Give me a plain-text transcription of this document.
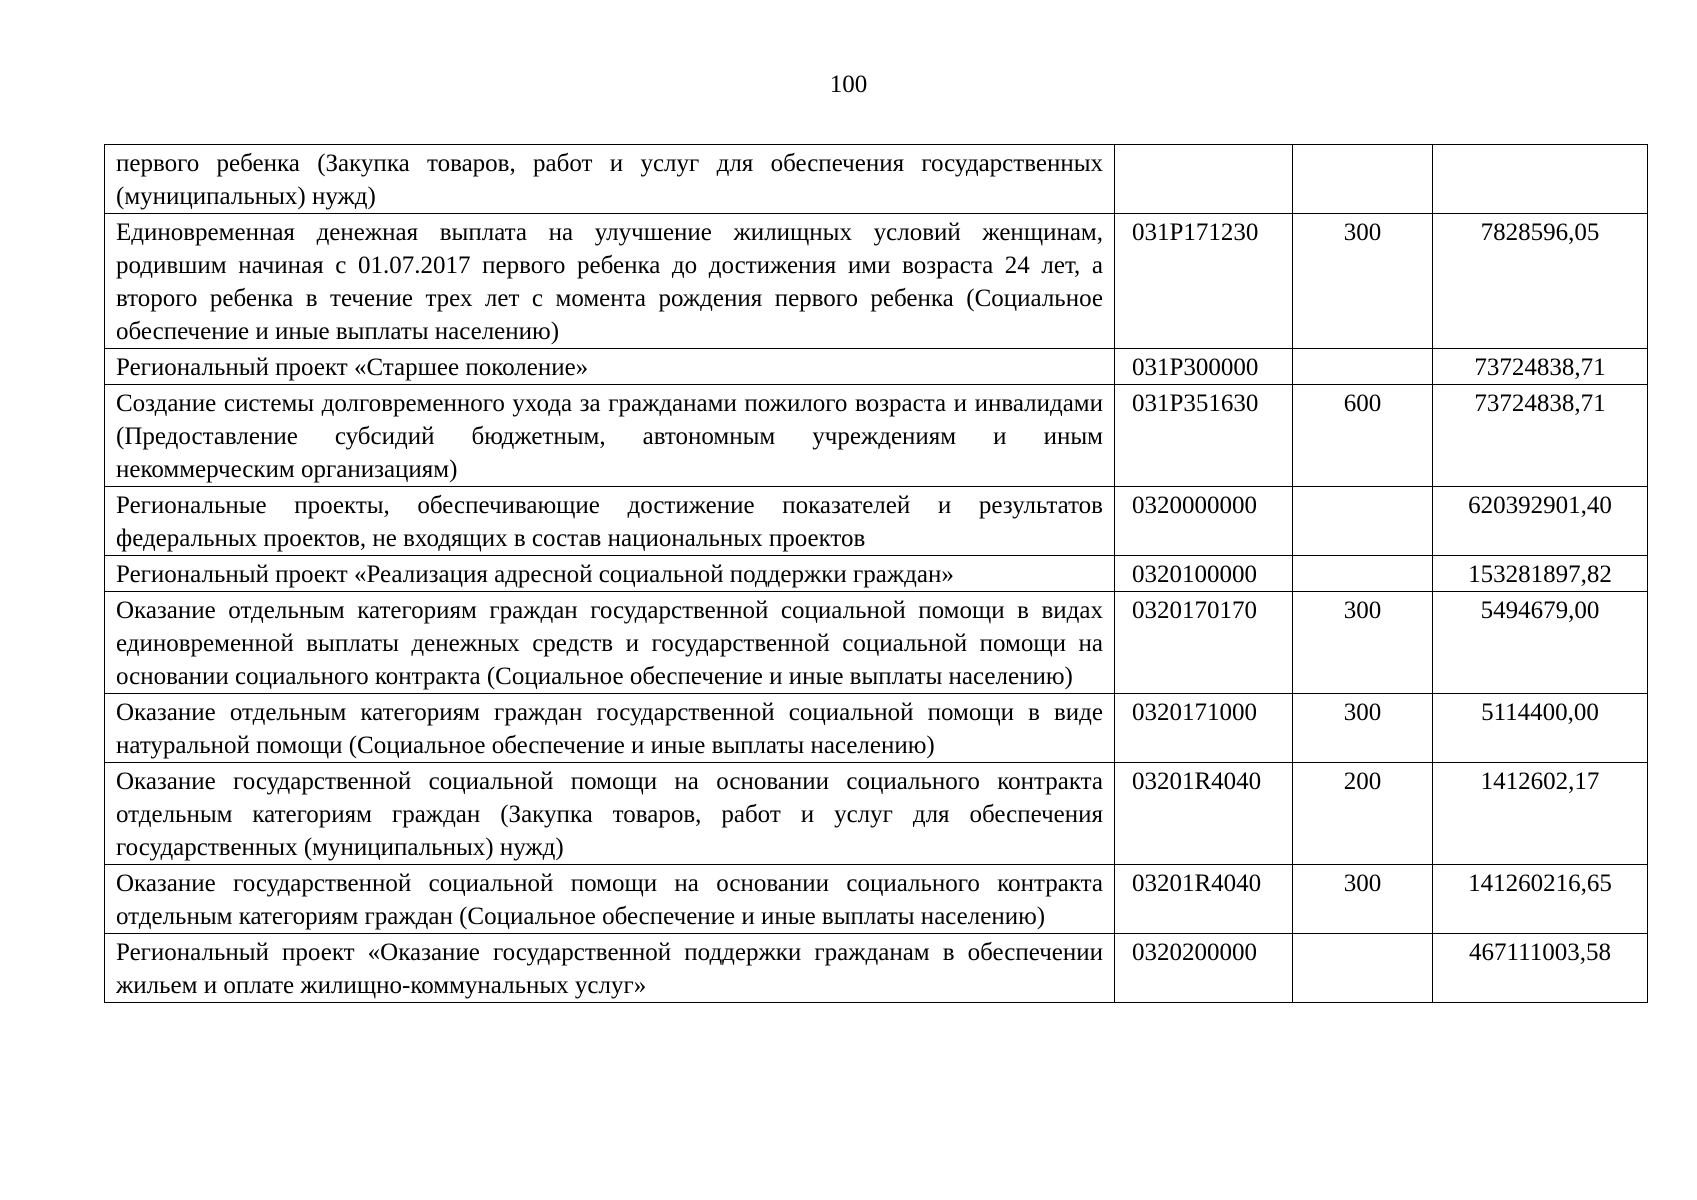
100
первого ребенка (Закупка товаров, работ и услуг для обеспечения государственных (муниципальных) нужд)			
Единовременная денежная выплата на улучшение жилищных условий женщинам, родившим начиная с 01.07.2017 первого ребенка до достижения ими возраста 24 лет, а второго ребенка в течение трех лет с момента рождения первого ребенка (Социальное обеспечение и иные выплаты населению)	031P171230	300	7828596,05
Региональный проект «Старшее поколение»	031P300000		73724838,71
Создание системы долговременного ухода за гражданами пожилого возраста и инвалидами (Предоставление субсидий бюджетным, автономным учреждениям и иным некоммерческим организациям)	031P351630	600	73724838,71
Региональные проекты, обеспечивающие достижение показателей и результатов федеральных проектов, не входящих в состав национальных проектов	0320000000		620392901,40
Региональный проект «Реализация адресной социальной поддержки граждан»	0320100000		153281897,82
Оказание отдельным категориям граждан государственной социальной помощи в видах единовременной выплаты денежных средств и государственной социальной помощи на основании социального контракта (Социальное обеспечение и иные выплаты населению)	0320170170	300	5494679,00
Оказание отдельным категориям граждан государственной социальной помощи в виде натуральной помощи (Социальное обеспечение и иные выплаты населению)	0320171000	300	5114400,00
Оказание государственной социальной помощи на основании социального контракта отдельным категориям граждан (Закупка товаров, работ и услуг для обеспечения государственных (муниципальных) нужд)	03201R4040	200	1412602,17
Оказание государственной социальной помощи на основании социального контракта отдельным категориям граждан (Социальное обеспечение и иные выплаты населению)	03201R4040	300	141260216,65
Региональный проект «Оказание государственной поддержки гражданам в обеспечении жильем и оплате жилищно-коммунальных услуг»	0320200000		467111003,58
